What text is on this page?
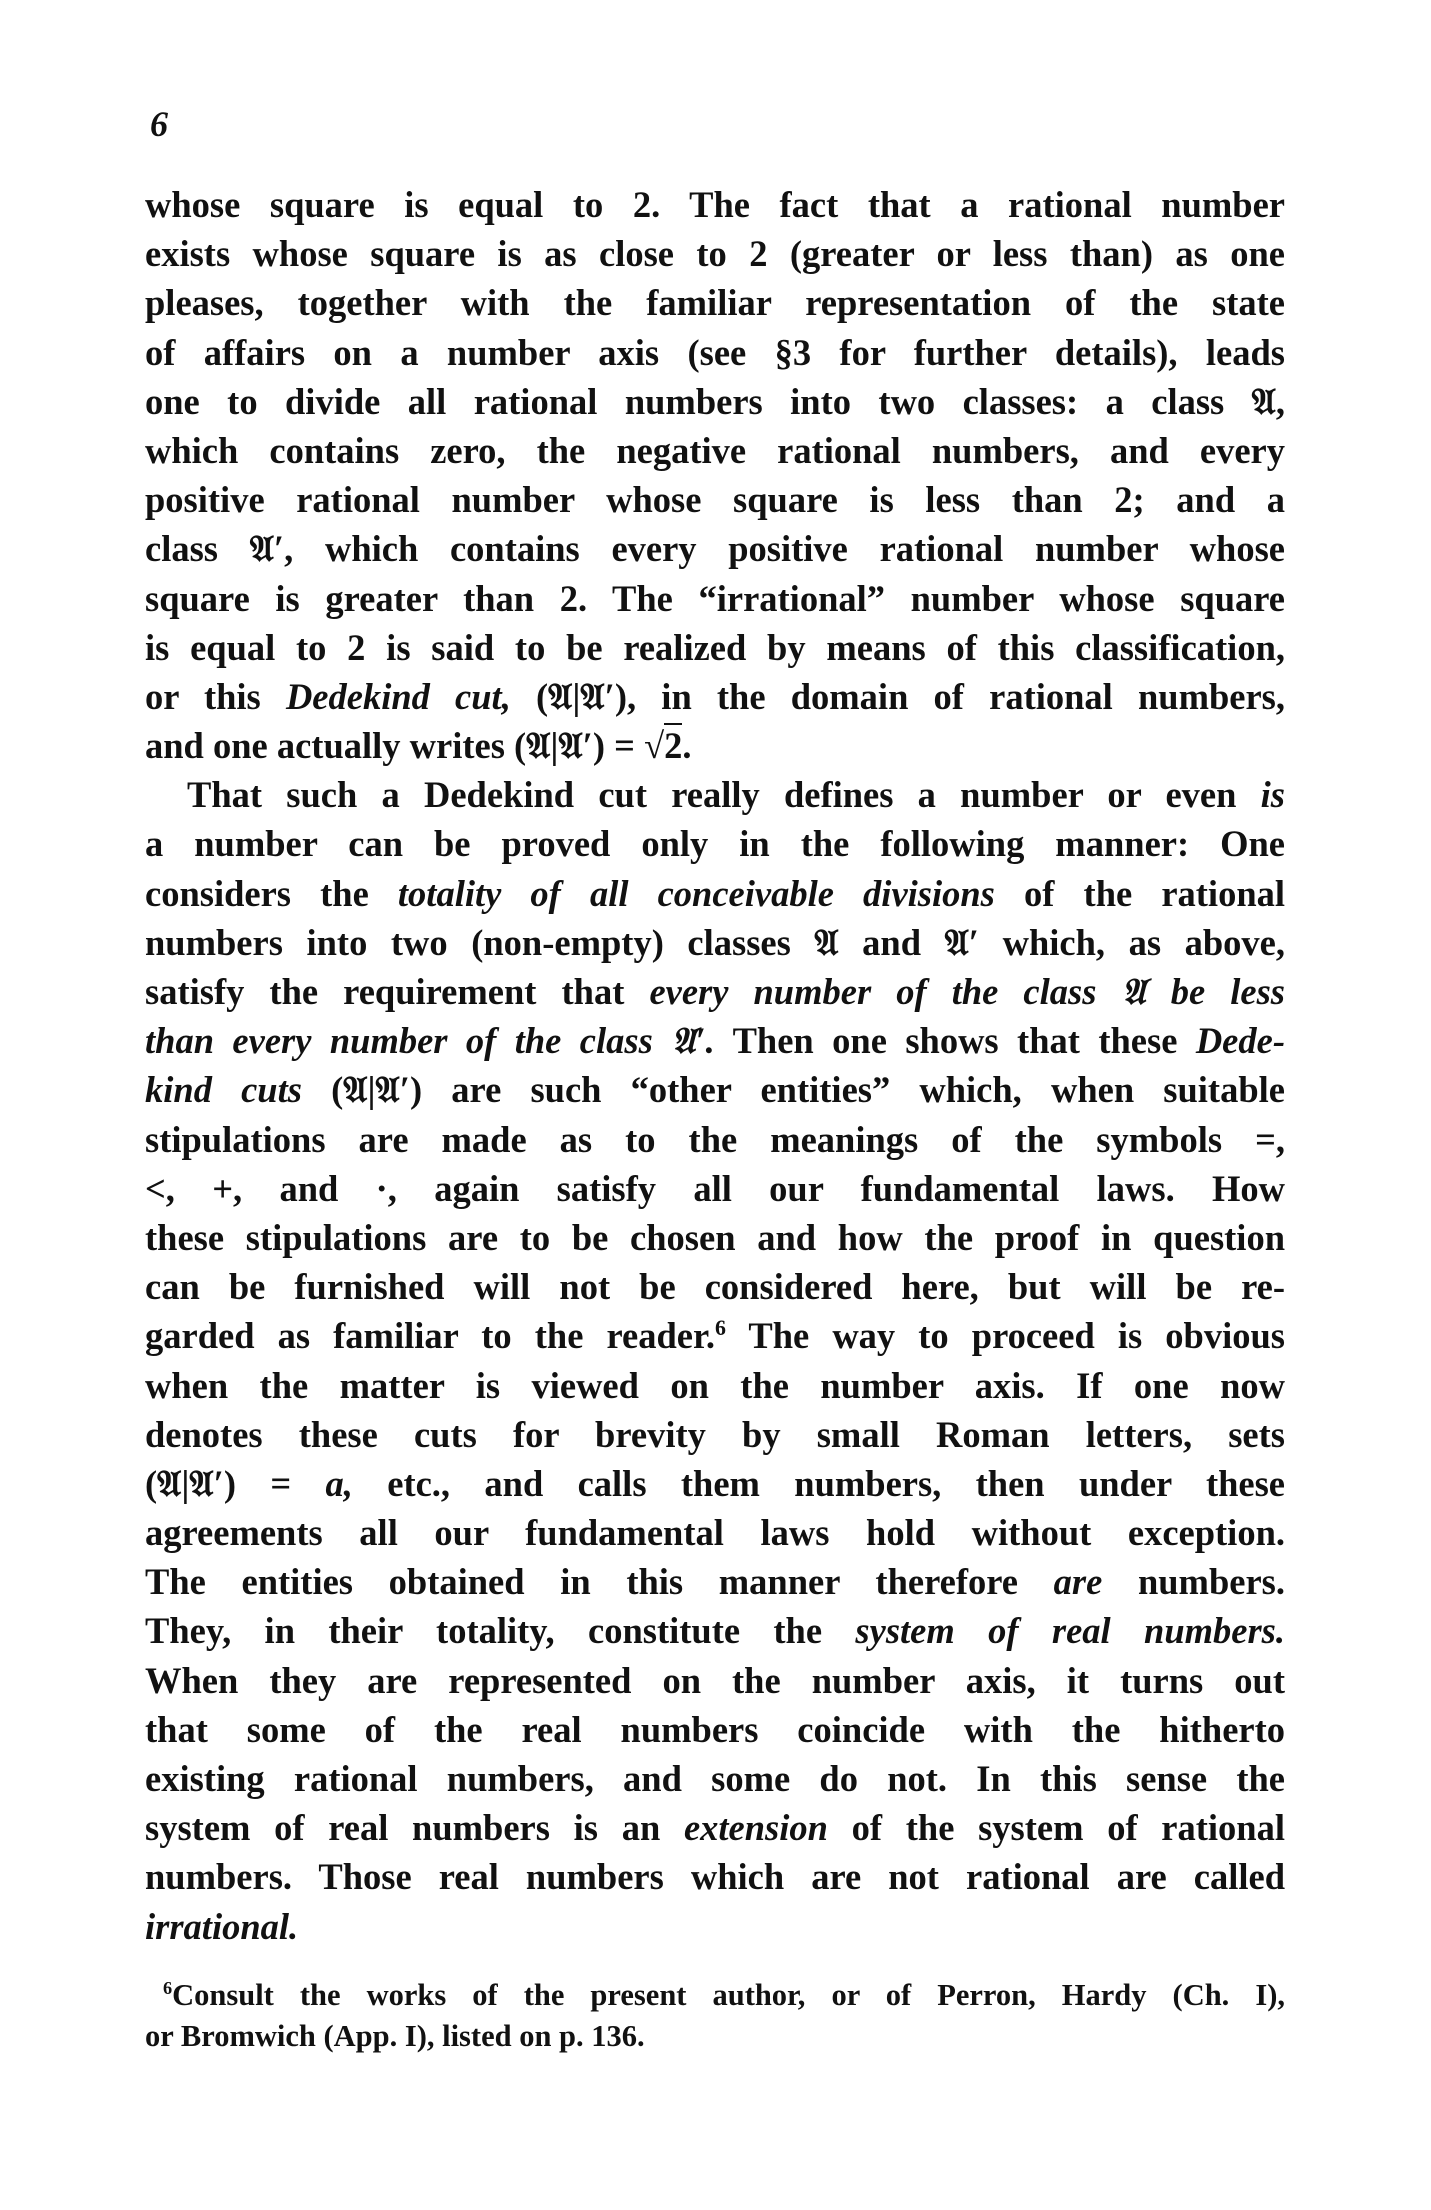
6
whose square is equal to 2. The fact that a rational number
exists whose square is as close to 2 (greater or less than) as one
pleases, together with the familiar representation of the state
of affairs on a number axis (see §3 for further details), leads
one to divide all rational numbers into two classes: a class 𝔄,
which contains zero, the negative rational numbers, and every
positive rational number whose square is less than 2; and a
class 𝔄′, which contains every positive rational number whose
square is greater than 2. The “irrational” number whose square
is equal to 2 is said to be realized by means of this classification,
or this Dedekind cut, (𝔄|𝔄′), in the domain of rational numbers,
and one actually writes (𝔄|𝔄′) = √2.
That such a Dedekind cut really defines a number or even is
a number can be proved only in the following manner: One
considers the totality of all conceivable divisions of the rational
numbers into two (non-empty) classes 𝔄 and 𝔄′ which, as above,
satisfy the requirement that every number of the class 𝔄 be less
than every number of the class 𝔄′. Then one shows that these Dede-
kind cuts (𝔄|𝔄′) are such “other entities” which, when suitable
stipulations are made as to the meanings of the symbols =,
<, +, and ·, again satisfy all our fundamental laws. How
these stipulations are to be chosen and how the proof in question
can be furnished will not be considered here, but will be re-
garded as familiar to the reader.$^6$ The way to proceed is obvious
when the matter is viewed on the number axis. If one now
denotes these cuts for brevity by small Roman letters, sets
(𝔄|𝔄′) = a, etc., and calls them numbers, then under these
agreements all our fundamental laws hold without exception.
The entities obtained in this manner therefore are numbers.
They, in their totality, constitute the system of real numbers.
When they are represented on the number axis, it turns out
that some of the real numbers coincide with the hitherto
existing rational numbers, and some do not. In this sense the
system of real numbers is an extension of the system of rational
numbers. Those real numbers which are not rational are called
irrational.
$^6$Consult the works of the present author, or of Perron, Hardy (Ch. I),
or Bromwich (App. I), listed on p. 136.
